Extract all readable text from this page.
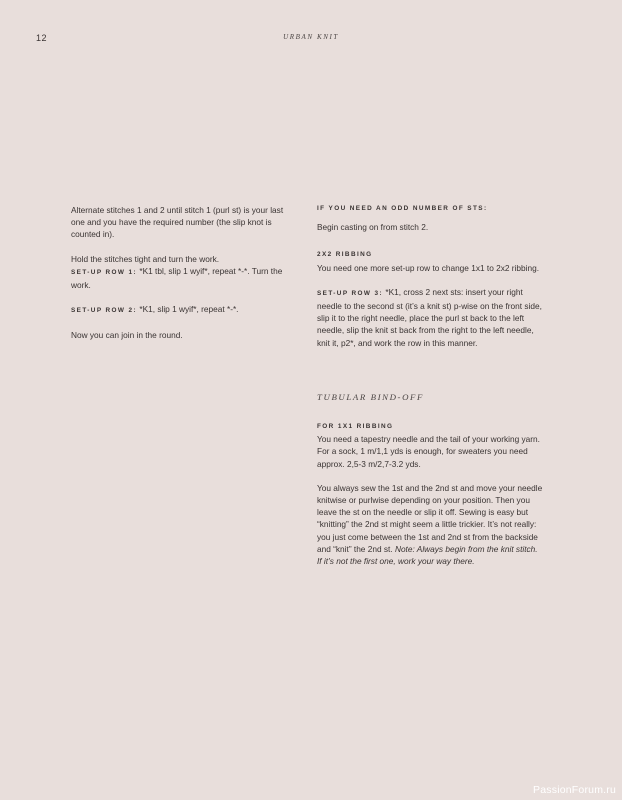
12	URBAN KNIT

Alternate stitches 1 and 2 until stitch 1 (purl st) is your last one and you have the required number (the slip knot is counted in).

Hold the stitches tight and turn the work.

SET-UP ROW 1: *K1 tbl, slip 1 wyif*, repeat *-*. Turn the work.

SET-UP ROW 2: *K1, slip 1 wyif*, repeat *-*.

Now you can join in the round.

IF YOU NEED AN ODD NUMBER OF STS:

Begin casting on from stitch 2.

2X2 RIBBING

You need one more set-up row to change 1x1 to 2x2 ribbing.

SET-UP ROW 3: *K1, cross 2 next sts: insert your right needle to the second st (it’s a knit st) p-wise on the front side, slip it to the right needle, place the purl st back to the left needle, slip the knit st back from the right to the left needle, knit it, p2*, and work the row in this manner.

TUBULAR BIND-OFF
FOR 1X1 RIBBING

You need a tapestry needle and the tail of your working yarn. For a sock, 1 m/1,1 yds is enough, for sweaters you need approx. 2,5-3 m/2,7-3.2 yds.

You always sew the 1st and the 2nd st and move your needle knitwise or purlwise depending on your position. Then you leave the st on the needle or slip it off. Sewing is easy but “knitting” the 2nd st might seem a little trickier. It’s not really: you just come between the 1st and 2nd st from the backside and “knit” the 2nd st. Note: Always begin from the knit stitch. If it’s not the first one, work your way there.

PassionForum.ru
